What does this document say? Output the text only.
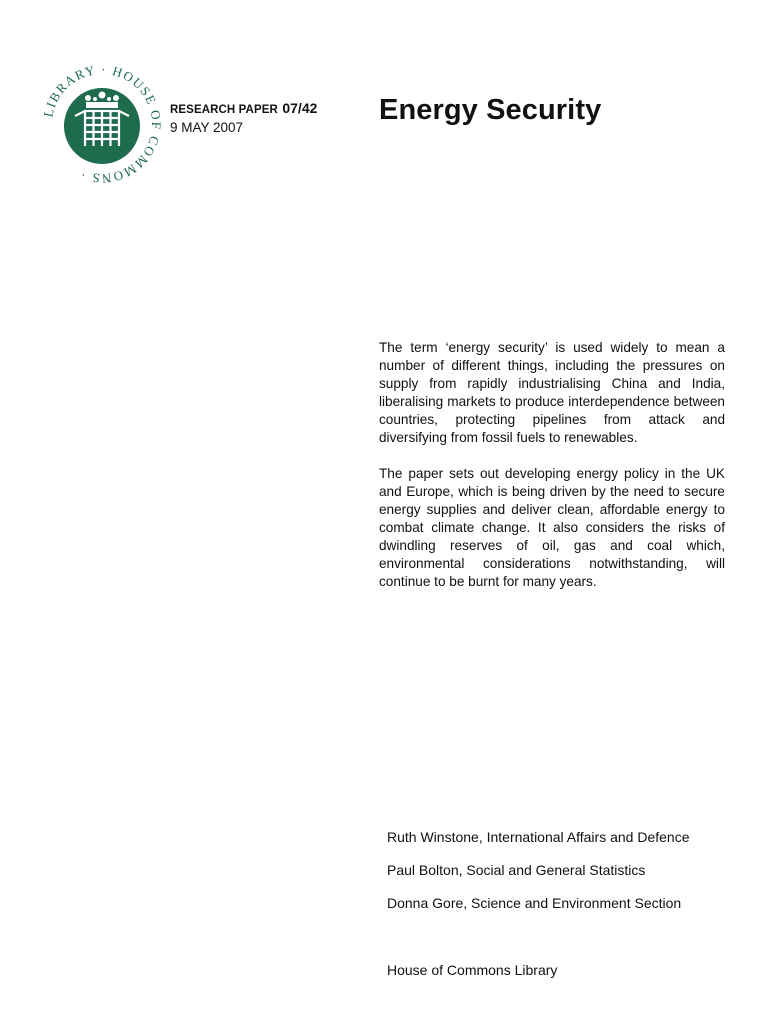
LIBRARY · HOUSE COMMONS ·
RESEARCH PAPER 07/42
9 MAY 2007
Energy Security

The term ‘energy security’ is used widely to mean a number of different things, including the pressures on supply from rapidly industrialising China and India, liberalising markets to produce interdependence between countries, protecting pipelines from attack and diversifying from fossil fuels to renewables.

The paper sets out developing energy policy in the UK and Europe, which is being driven by the need to secure energy supplies and deliver clean, affordable energy to combat climate change. It also considers the risks of dwindling reserves of oil, gas and coal which, environmental considerations notwithstanding, will continue to be burnt for many years.

Ruth Winstone, International Affairs and Defence
Paul Bolton, Social and General Statistics
Donna Gore, Science and Environment Section
House of Commons Library
